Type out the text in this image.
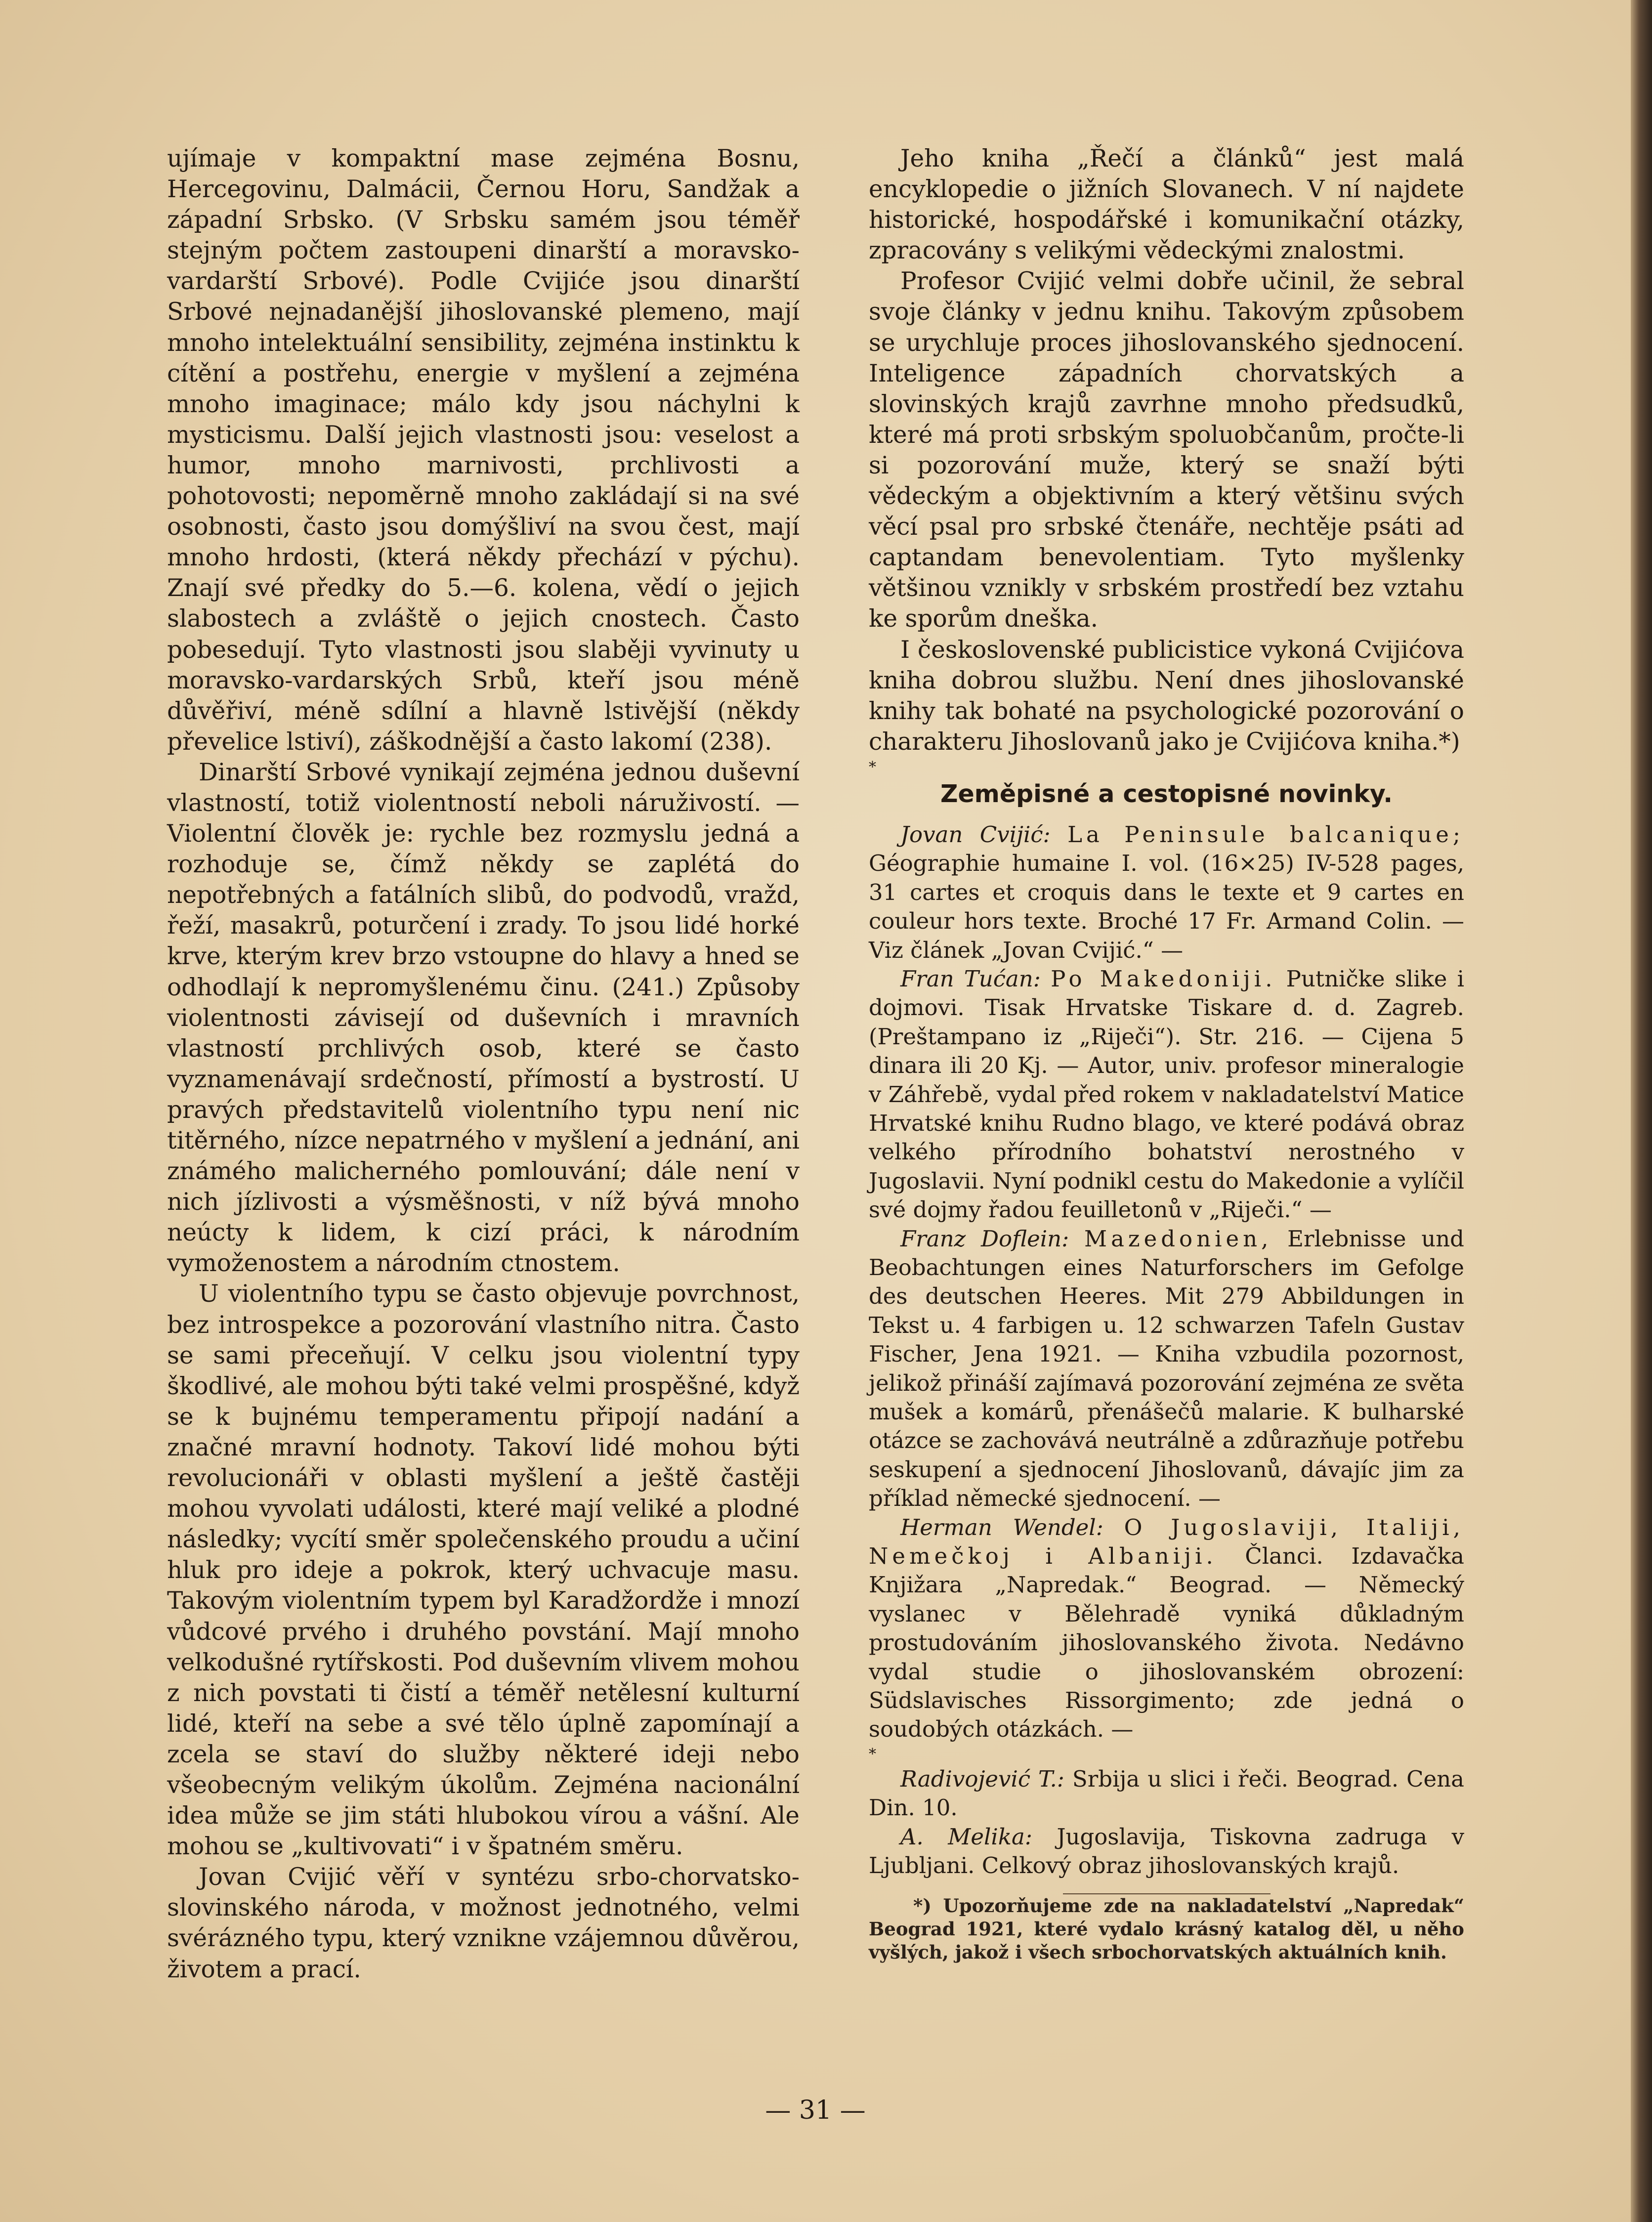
ujímaje v kompaktní mase zejména Bosnu, Hercegovinu, Dalmácii, Černou Horu, Sandžak a západní Srbsko. (V Srbsku samém jsou téměř stejným počtem zastoupeni dinarští a moravsko-vardarští Srbové). Podle Cvijiće jsou dinarští Srbové nejnadanější jihoslovanské plemeno, mají mnoho intelektuální sensibility, zejména instinktu k cítění a postřehu, energie v myšlení a zejména mnoho imaginace; málo kdy jsou náchylni k mysticismu. Další jejich vlastnosti jsou: veselost a humor, mnoho marnivosti, prchlivosti a pohotovosti; nepoměrně mnoho zakládají si na své osobnosti, často jsou domýšliví na svou čest, mají mnoho hrdosti, (která někdy přechází v pýchu). Znají své předky do 5.—6. kolena, vědí o jejich slabostech a zvláště o jejich cnostech. Často pobesedují. Tyto vlastnosti jsou slaběji vyvinuty u moravsko-vardarských Srbů, kteří jsou méně důvěřiví, méně sdílní a hlavně lstivější (někdy převelice lstiví), záškodnější a často lakomí (238).

Dinarští Srbové vynikají zejména jednou duševní vlastností, totiž violentností neboli náruživostí. — Violentní člověk je: rychle bez rozmyslu jedná a rozhoduje se, čímž někdy se zaplétá do nepotřebných a fatálních slibů, do podvodů, vražd, řeží, masakrů, poturčení i zrady. To jsou lidé horké krve, kterým krev brzo vstoupne do hlavy a hned se odhodlají k nepromyšlenému činu. (241.) Způsoby violentnosti závisejí od duševních i mravních vlastností prchlivých osob, které se často vyznamenávají srdečností, přímostí a bystrostí. U pravých představitelů violentního typu není nic titěrného, nízce nepatrného v myšlení a jednání, ani známého malicherného pomlouvání; dále není v nich jízlivosti a výsměšnosti, v níž bývá mnoho neúcty k lidem, k cizí práci, k národním vymoženostem a národním ctnostem.

U violentního typu se často objevuje povrchnost, bez introspekce a pozorování vlastního nitra. Často se sami přeceňují. V celku jsou violentní typy škodlivé, ale mohou býti také velmi prospěšné, když se k bujnému temperamentu připojí nadání a značné mravní hodnoty. Takoví lidé mohou býti revolucionáři v oblasti myšlení a ještě častěji mohou vyvolati události, které mají veliké a plodné následky; vycítí směr společenského proudu a učiní hluk pro ideje a pokrok, který uchvacuje masu. Takovým violentním typem byl Karadžordže i mnozí vůdcové prvého i druhého povstání. Mají mnoho velkodušné rytířskosti. Pod duševním vlivem mohou z nich povstati ti čistí a téměř netělesní kulturní lidé, kteří na sebe a své tělo úplně zapomínají a zcela se staví do služby některé ideji nebo všeobecným velikým úkolům. Zejména nacionální idea může se jim státi hlubokou vírou a vášní. Ale mohou se „kultivovati“ i v špatném směru.

Jovan Cvijić věří v syntézu srbo-chorvatsko-slovinského národa, v možnost jednotného, velmi svérázného typu, který vznikne vzájemnou důvěrou, životem a prací.

Jeho kniha „Řečí a článků“ jest malá encyklopedie o jižních Slovanech. V ní najdete historické, hospodářské i komunikační otázky, zpracovány s velikými vědeckými znalostmi.

Profesor Cvijić velmi dobře učinil, že sebral svoje články v jednu knihu. Takovým způsobem se urychluje proces jihoslovanského sjednocení. Inteligence západních chorvatských a slovinských krajů zavrhne mnoho předsudků, které má proti srbským spoluobčanům, pročte-li si pozorování muže, který se snaží býti vědeckým a objektivním a který většinu svých věcí psal pro srbské čtenáře, nechtěje psáti ad captandam benevolentiam. Tyto myšlenky většinou vznikly v srbském prostředí bez vztahu ke sporům dneška.

I československé publicistice vykoná Cvijićova kniha dobrou službu. Není dnes jihoslovanské knihy tak bohaté na psychologické pozorování o charakteru Jihoslovanů jako je Cvijićova kniha.*)

*

Zeměpisné a cestopisné novinky.

Jovan Cvijić: La Peninsule balcanique; Géographie humaine I. vol. (16×25) IV-528 pages, 31 cartes et croquis dans le texte et 9 cartes en couleur hors texte. Broché 17 Fr. Armand Colin. — Viz článek „Jovan Cvijić.“ —

Fran Tućan: Po Makedoniji. Putničke slike i dojmovi. Tisak Hrvatske Tiskare d. d. Zagreb. (Preštampano iz „Riječi“). Str. 216. — Cijena 5 dinara ili 20 Kj. — Autor, univ. profesor mineralogie v Záhřebě, vydal před rokem v nakladatelství Matice Hrvatské knihu Rudno blago, ve které podává obraz velkého přírodního bohatství nerostného v Jugoslavii. Nyní podnikl cestu do Makedonie a vylíčil své dojmy řadou feuilletonů v „Riječi.“ —

Franz Doflein: Mazedonien, Erlebnisse und Beobachtungen eines Naturforschers im Gefolge des deutschen Heeres. Mit 279 Abbildungen in Tekst u. 4 farbigen u. 12 schwarzen Tafeln Gustav Fischer, Jena 1921. — Kniha vzbudila pozornost, jelikož přináší zajímavá pozorování zejména ze světa mušek a komárů, přenášečů malarie. K bulharské otázce se zachovává neutrálně a zdůrazňuje potřebu seskupení a sjednocení Jihoslovanů, dávajíc jim za příklad německé sjednocení. —

Herman Wendel: O Jugoslaviji, Italiji, Nemečkoj i Albaniji. Članci. Izdavačka Knjižara „Napredak.“ Beograd. — Německý vyslanec v Bělehradě vyniká důkladným prostudováním jihoslovanského života. Nedávno vydal studie o jihoslovanském obrození: Südslavisches Rissorgimento; zde jedná o soudobých otázkách. —

*

Radivojević T.: Srbija u slici i řeči. Beograd. Cena Din. 10.

A. Melika: Jugoslavija, Tiskovna zadruga v Ljubljani. Celkový obraz jihoslovanských krajů.

*) Upozorňujeme zde na nakladatelství „Napredak“ Beograd 1921, které vydalo krásný katalog děl, u něho vyšlých, jakož i všech srbochorvatských aktuálních knih.

— 31 —
